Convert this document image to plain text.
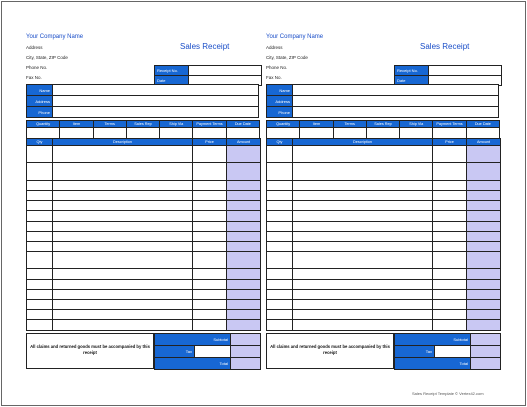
Your Company Name
Address
City, State, ZIP Code
Phone No.
Fax No.
Sales Receipt
Receipt No.	
Date	
Name	
Address	
Phone	
Quantity	Item	Terms	Sales Rep	Ship Via	Payment Terms	Due Date

Qty	Description	Price	Amount

All claims and returned goods must be accompanied by this receipt
Subtotal		
Tax		
Total		
Your Company Name
Address
City, State, ZIP Code
Phone No.
Fax No.
Sales Receipt
Receipt No.	
Date	
Name	
Address	
Phone	
Quantity	Item	Terms	Sales Rep	Ship Via	Payment Terms	Due Date

Qty	Description	Price	Amount

All claims and returned goods must be accompanied by this receipt
Subtotal		
Tax		
Total		
Sales Receipt Template © Vertex42.com
